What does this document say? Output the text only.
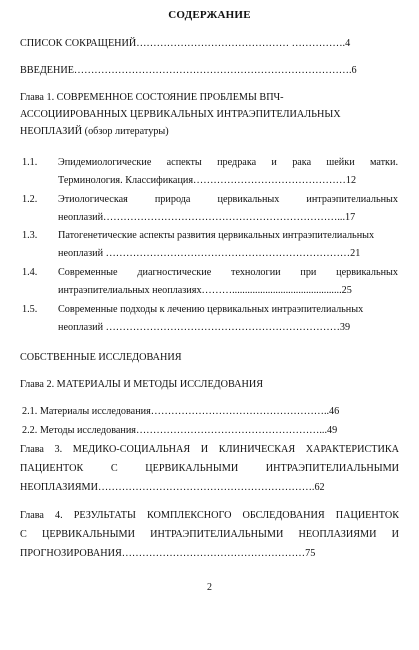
СОДЕРЖАНИЕ
СПИСОК СОКРАЩЕНИЙ……………………………………… …………….4
ВВЕДЕНИЕ……………………………………………………………………….6
Глава 1. СОВРЕМЕННОЕ СОСТОЯНИЕ ПРОБЛЕМЫ ВПЧ-
АССОЦИИРОВАННЫХ ЦЕРВИКАЛЬНЫХ ИНТРАЭПИТЕЛИАЛЬНЫХ
НЕОПЛАЗИЙ (обзор литературы)
1.1. Эпидемиологические аспекты предрака и рака шейки матки.
Терминология. Классификация………………………………………12
1.2. Этиологическая природа цервикальных интраэпителиальных
неоплазий……………………………………………………………...17
1.3. Патогенетические аспекты развития цервикальных интраэпителиальных
неоплазий ………………………………………………………………21
1.4. Современные диагностические технологии при цервикальных
интраэпителиальных неоплазиях………...........................................25
1.5. Современные подходы к лечению цервикальных интраэпителиальных
неоплазий ……………………………………………………………39
СОБСТВЕННЫЕ ИССЛЕДОВАНИЯ
Глава 2. МАТЕРИАЛЫ И МЕТОДЫ ИССЛЕДОВАНИЯ
2.1. Материалы исследования……………………………………………..46
2.2. Методы исследования………………………………………………...49
Глава 3. МЕДИКО-СОЦИАЛЬНАЯ И КЛИНИЧЕСКАЯ ХАРАКТЕРИСТИКА
ПАЦИЕНТОК С ЦЕРВИКАЛЬНЫМИ ИНТРАЭПИТЕЛИАЛЬНЫМИ
НЕОПЛАЗИЯМИ……………………………………………………….62
Глава 4. РЕЗУЛЬТАТЫ КОМПЛЕКСНОГО ОБСЛЕДОВАНИЯ ПАЦИЕНТОК
С ЦЕРВИКАЛЬНЫМИ ИНТРАЭПИТЕЛИАЛЬНЫМИ НЕОПЛАЗИЯМИ И
ПРОГНОЗИРОВАНИЯ………………………………………………75
2
